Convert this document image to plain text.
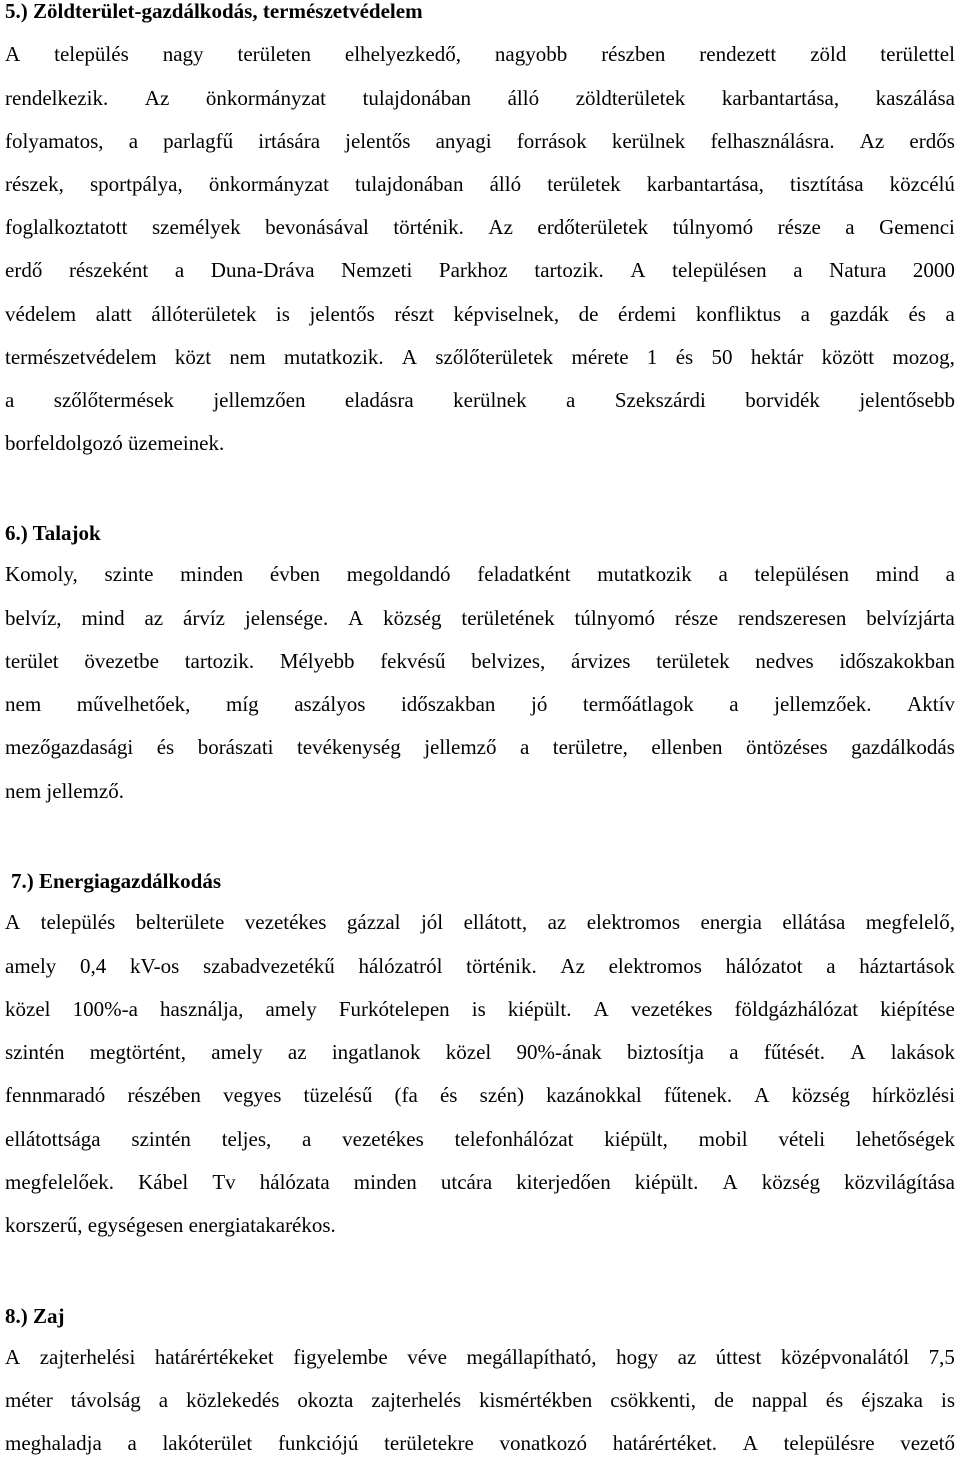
5.) Zöldterület-gazdálkodás, természetvédelem
A település nagy területen elhelyezkedő, nagyobb részben rendezett zöld területtel
rendelkezik. Az önkormányzat tulajdonában álló zöldterületek karbantartása, kaszálása
folyamatos, a parlagfű irtására jelentős anyagi források kerülnek felhasználásra. Az erdős
részek, sportpálya, önkormányzat tulajdonában álló területek karbantartása, tisztítása közcélú
foglalkoztatott személyek bevonásával történik. Az erdőterületek túlnyomó része a Gemenci
erdő részeként a Duna-Dráva Nemzeti Parkhoz tartozik. A településen a Natura 2000
védelem alatt állóterületek is jelentős részt képviselnek, de érdemi konfliktus a gazdák és a
természetvédelem közt nem mutatkozik. A szőlőterületek mérete 1 és 50 hektár között mozog,
a szőlőtermések jellemzően eladásra kerülnek a Szekszárdi borvidék jelentősebb
borfeldolgozó üzemeinek.
6.) Talajok
Komoly, szinte minden évben megoldandó feladatként mutatkozik a településen mind a
belvíz, mind az árvíz jelensége. A község területének túlnyomó része rendszeresen belvízjárta
terület övezetbe tartozik. Mélyebb fekvésű belvizes, árvizes területek nedves időszakokban
nem művelhetőek, míg aszályos időszakban jó termőátlagok a jellemzőek. Aktív
mezőgazdasági és borászati tevékenység jellemző a területre, ellenben öntözéses gazdálkodás
nem jellemző.
7.) Energiagazdálkodás
A település belterülete vezetékes gázzal jól ellátott, az elektromos energia ellátása megfelelő,
amely 0,4 kV-os szabadvezetékű hálózatról történik. Az elektromos hálózatot a háztartások
közel 100%-a használja, amely Furkótelepen is kiépült. A vezetékes földgázhálózat kiépítése
szintén megtörtént, amely az ingatlanok közel 90%-ának biztosítja a fűtését. A lakások
fennmaradó részében vegyes tüzelésű (fa és szén) kazánokkal fűtenek. A község hírközlési
ellátottsága szintén teljes, a vezetékes telefonhálózat kiépült, mobil vételi lehetőségek
megfelelőek. Kábel Tv hálózata minden utcára kiterjedően kiépült. A község közvilágítása
korszerű, egységesen energiatakarékos.
8.) Zaj
A zajterhelési határértékeket figyelembe véve megállapítható, hogy az úttest középvonalától 7,5
méter távolság a közlekedés okozta zajterhelés kismértékben csökkenti, de nappal és éjszaka is
meghaladja a lakóterület funkciójú területekre vonatkozó határértéket. A településre vezető
